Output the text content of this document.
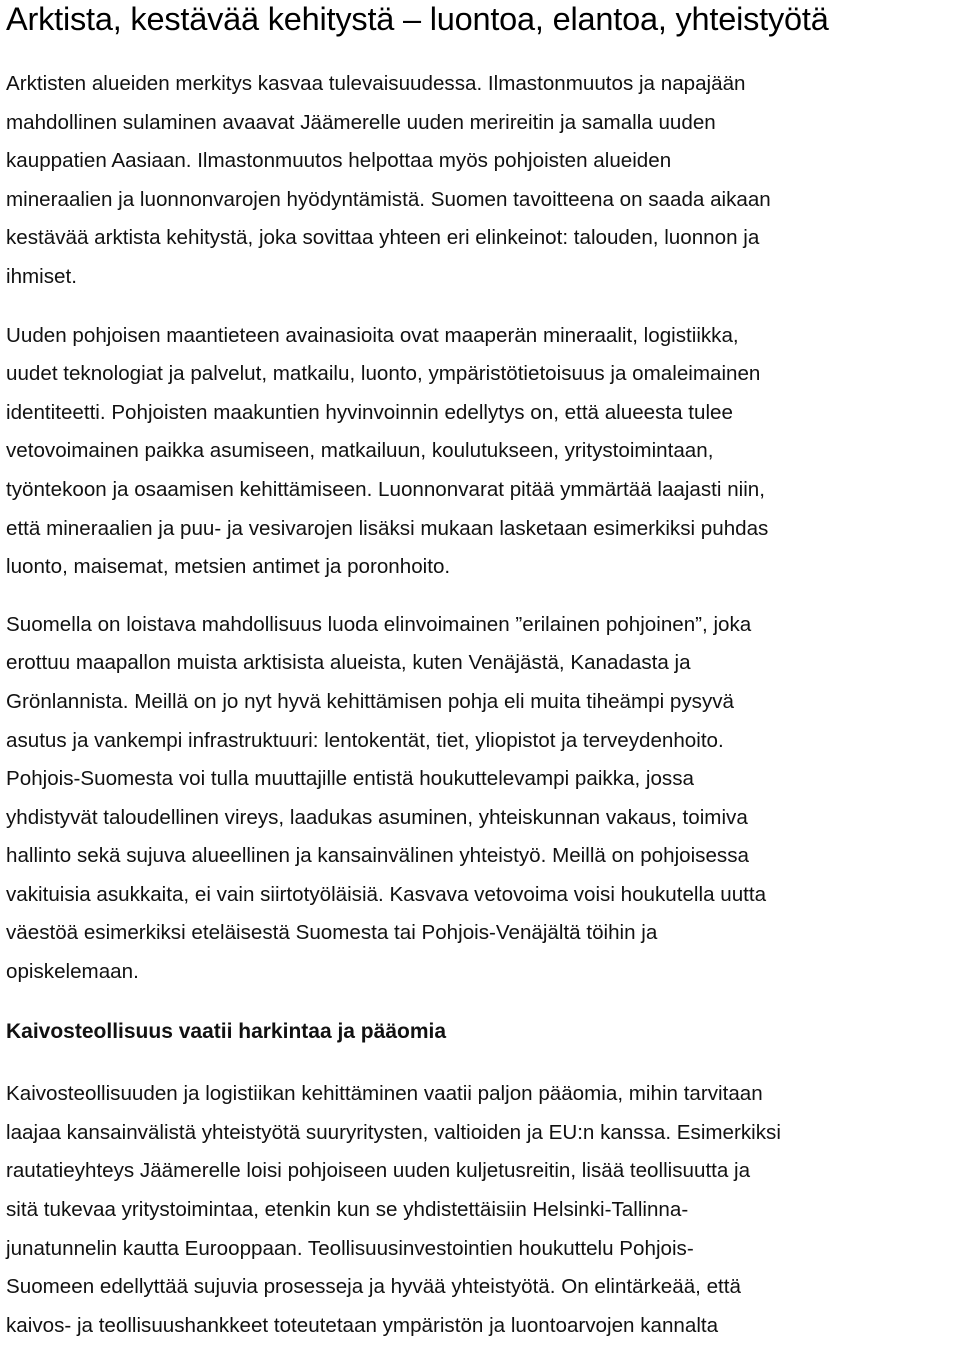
Arktista, kestävää kehitystä – luontoa, elantoa, yhteistyötä
Arktisten alueiden merkitys kasvaa tulevaisuudessa. Ilmastonmuutos ja napajään
mahdollinen sulaminen avaavat Jäämerelle uuden merireitin ja samalla uuden
kauppatien Aasiaan. Ilmastonmuutos helpottaa myös pohjoisten alueiden
mineraalien ja luonnonvarojen hyödyntämistä. Suomen tavoitteena on saada aikaan
kestävää arktista kehitystä, joka sovittaa yhteen eri elinkeinot: talouden, luonnon ja
ihmiset.
Uuden pohjoisen maantieteen avainasioita ovat maaperän mineraalit, logistiikka,
uudet teknologiat ja palvelut, matkailu, luonto, ympäristötietoisuus ja omaleimainen
identiteetti. Pohjoisten maakuntien hyvinvoinnin edellytys on, että alueesta tulee
vetovoimainen paikka asumiseen, matkailuun, koulutukseen, yritystoimintaan,
työntekoon ja osaamisen kehittämiseen. Luonnonvarat pitää ymmärtää laajasti niin,
että mineraalien ja puu- ja vesivarojen lisäksi mukaan lasketaan esimerkiksi puhdas
luonto, maisemat, metsien antimet ja poronhoito.
Suomella on loistava mahdollisuus luoda elinvoimainen ”erilainen pohjoinen”, joka
erottuu maapallon muista arktisista alueista, kuten Venäjästä, Kanadasta ja
Grönlannista. Meillä on jo nyt hyvä kehittämisen pohja eli muita tiheämpi pysyvä
asutus ja vankempi infrastruktuuri: lentokentät, tiet, yliopistot ja terveydenhoito.
Pohjois-Suomesta voi tulla muuttajille entistä houkuttelevampi paikka, jossa
yhdistyvät taloudellinen vireys, laadukas asuminen, yhteiskunnan vakaus, toimiva
hallinto sekä sujuva alueellinen ja kansainvälinen yhteistyö. Meillä on pohjoisessa
vakituisia asukkaita, ei vain siirtotyöläisiä. Kasvava vetovoima voisi houkutella uutta
väestöä esimerkiksi eteläisestä Suomesta tai Pohjois-Venäjältä töihin ja
opiskelemaan.
Kaivosteollisuus vaatii harkintaa ja pääomia
Kaivosteollisuuden ja logistiikan kehittäminen vaatii paljon pääomia, mihin tarvitaan
laajaa kansainvälistä yhteistyötä suuryritysten, valtioiden ja EU:n kanssa. Esimerkiksi
rautatieyhteys Jäämerelle loisi pohjoiseen uuden kuljetusreitin, lisää teollisuutta ja
sitä tukevaa yritystoimintaa, etenkin kun se yhdistettäisiin Helsinki-Tallinna-
junatunnelin kautta Eurooppaan. Teollisuusinvestointien houkuttelu Pohjois-
Suomeen edellyttää sujuvia prosesseja ja hyvää yhteistyötä. On elintärkeää, että
kaivos- ja teollisuushankkeet toteutetaan ympäristön ja luontoarvojen kannalta
